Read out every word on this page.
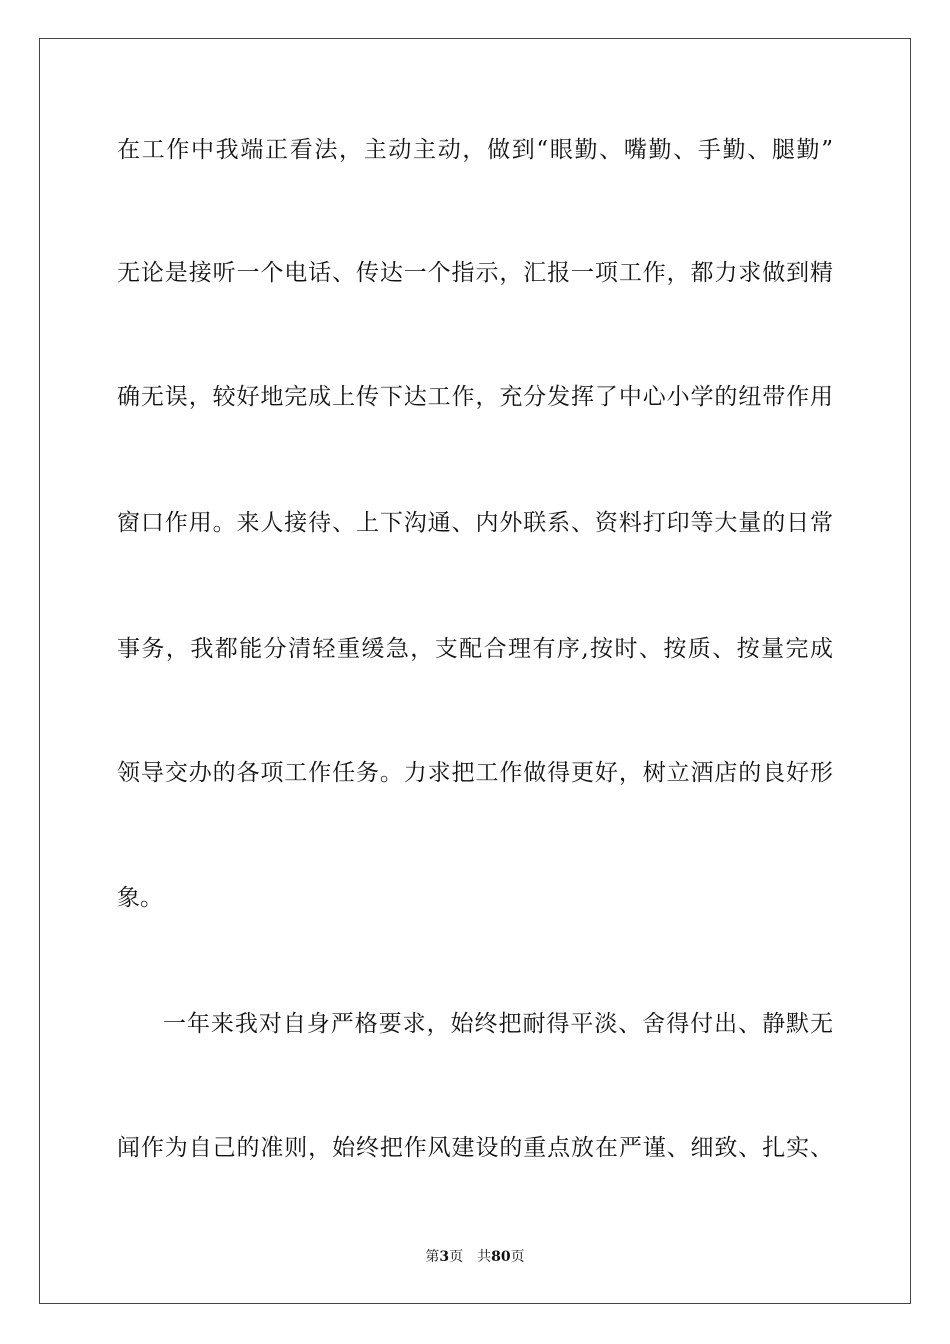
在工作中我端正看法，主动主动，做到“眼勤、嘴勤、手勤、腿勤”
无论是接听一个电话、传达一个指示，汇报一项工作，都力求做到精
确无误，较好地完成上传下达工作，充分发挥了中心小学的纽带作用
窗口作用。来人接待、上下沟通、内外联系、资料打印等大量的日常
事务，我都能分清轻重缓急，支配合理有序,按时、按质、按量完成
领导交办的各项工作任务。力求把工作做得更好，树立酒店的良好形
象。
一年来我对自身严格要求，始终把耐得平淡、舍得付出、静默无
闻作为自己的准则，始终把作风建设的重点放在严谨、细致、扎实、
第3页 共80页
